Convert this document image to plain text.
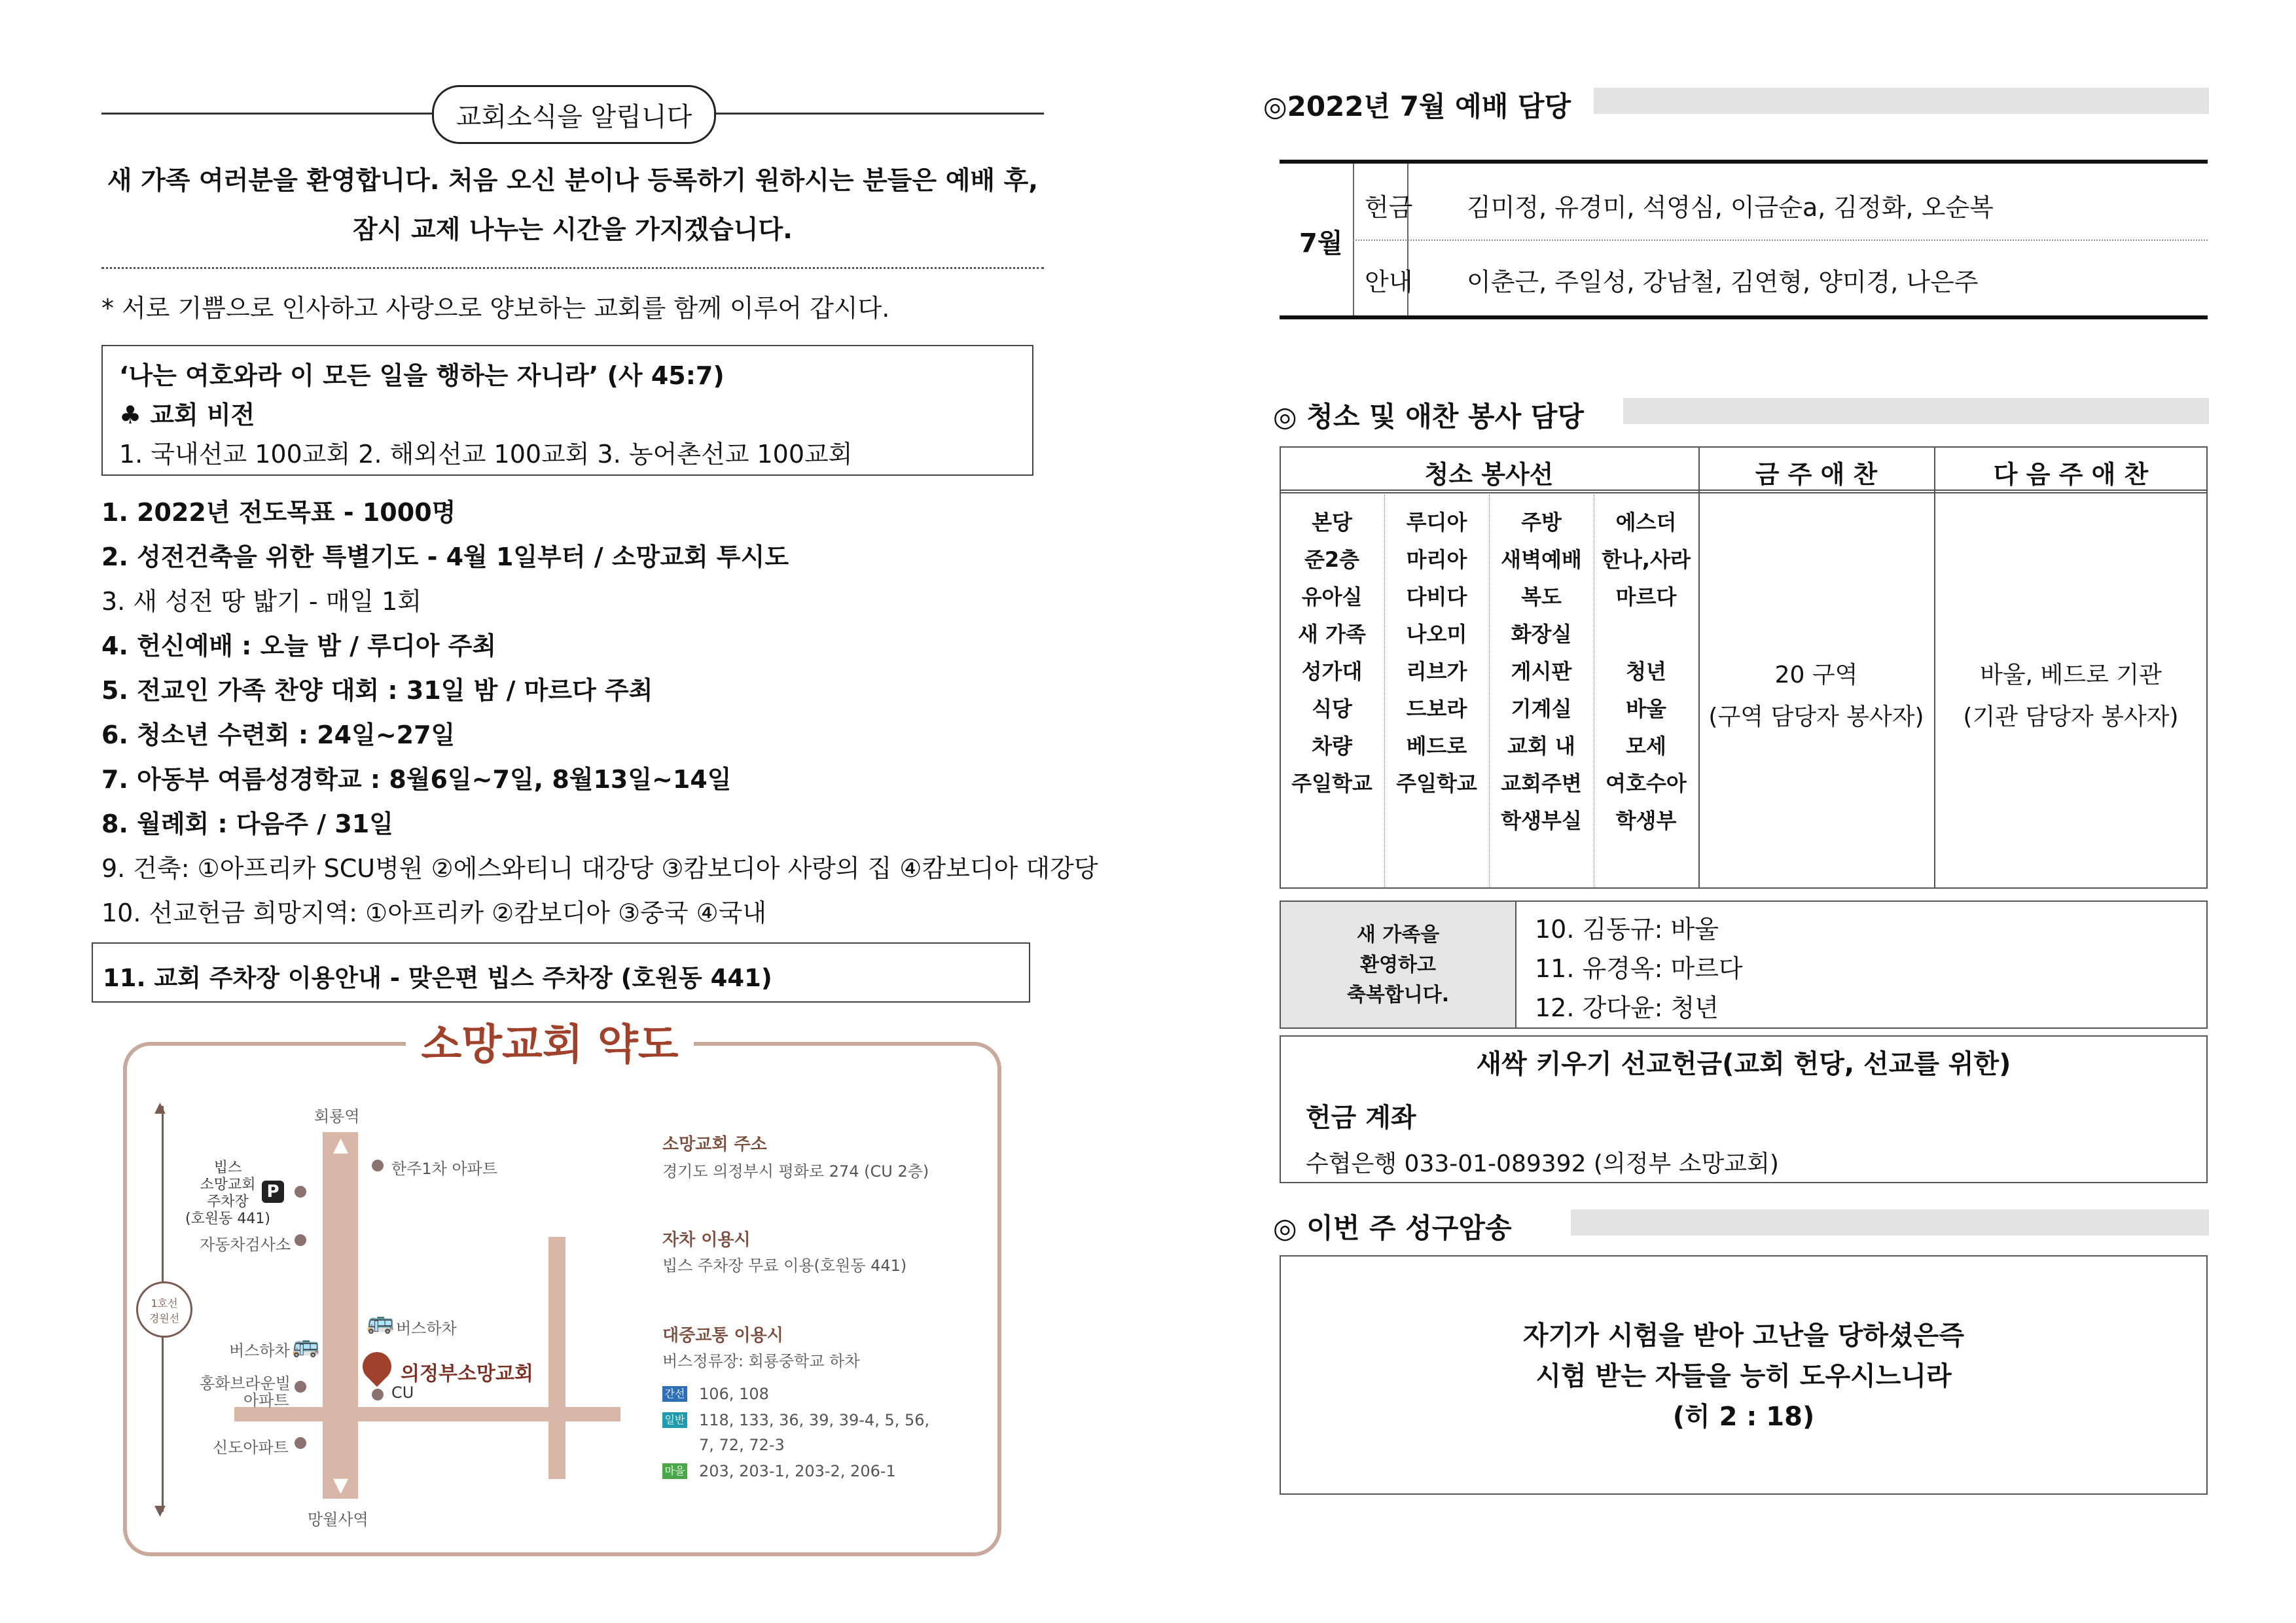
교회소식을 알립니다
새 가족 여러분을 환영합니다. 처음 오신 분이나 등록하기 원하시는 분들은 예배 후,
잠시 교제 나누는 시간을 가지겠습니다.
* 서로 기쁨으로 인사하고 사랑으로 양보하는 교회를 함께 이루어 갑시다.
‘나는 여호와라 이 모든 일을 행하는 자니라’ (사 45:7)
♣ 교회 비전
1. 국내선교 100교회 2. 해외선교 100교회 3. 농어촌선교 100교회
1. 2022년 전도목표 - 1000명
2. 성전건축을 위한 특별기도 - 4월 1일부터 / 소망교회 투시도
3. 새 성전 땅 밟기 - 매일 1회
4. 헌신예배 : 오늘 밤 / 루디아 주최
5. 전교인 가족 찬양 대회 : 31일 밤 / 마르다 주최
6. 청소년 수련회 : 24일~27일
7. 아동부 여름성경학교 : 8월6일~7일, 8월13일~14일
8. 월례회 : 다음주 / 31일
9. 건축: ①아프리카 SCU병원 ②에스와티니 대강당 ③캄보디아 사랑의 집 ④캄보디아 대강당
10. 선교헌금 희망지역: ①아프리카 ②캄보디아 ③중국 ④국내
11. 교회 주차장 이용안내 - 맞은편 빕스 주차장 (호원동 441)
소망교회 약도
▲
▼
▲
▼
1호선
경원선
회룡역
망월사역
빕스
소망교회
주차장
(호원동 441)
P
자동차검사소
버스하차 🚌
홍화브라운빌
아파트
신도아파트
한주1차 아파트
🚌 버스하차
의정부소망교회
CU
소망교회 주소
경기도 의정부시 평화로 274 (CU 2층)
자차 이용시
빕스 주차장 무료 이용(호원동 441)
대중교통 이용시
버스정류장: 회룡중학교 하차
간선 106, 108
일반 118, 133, 36, 39, 39-4, 5, 56,
7, 72, 72-3
마을 203, 203-1, 203-2, 206-1
◎2022년 7월 예배 담당
7월
헌금 김미정, 유경미, 석영심, 이금순a, 김정화, 오순복
안내 이춘근, 주일성, 강남철, 김연형, 양미경, 나은주
◎ 청소 및 애찬 봉사 담당
청소 봉사선	금 주 애 찬	다 음 주 애 찬
본당
준2층
유아실
새 가족
성가대
식당
차량
주일학교
루디아
마리아
다비다
나오미
리브가
드보라
베드로
주일학교
주방
새벽예배
복도
화장실
게시판
기계실
교회 내
교회주변
학생부실
에스더
한나,사라
마르다
청년
바울
모세
여호수아
학생부
20 구역
(구역 담당자 봉사자)
바울, 베드로 기관
(기관 담당자 봉사자)
새 가족을
환영하고
축복합니다.
10. 김동규: 바울
11. 유경옥: 마르다
12. 강다윤: 청년
새싹 키우기 선교헌금(교회 헌당, 선교를 위한)
헌금 계좌
수협은행 033-01-089392 (의정부 소망교회)
◎ 이번 주 성구암송
자기가 시험을 받아 고난을 당하셨은즉
시험 받는 자들을 능히 도우시느니라
(히 2 : 18)
